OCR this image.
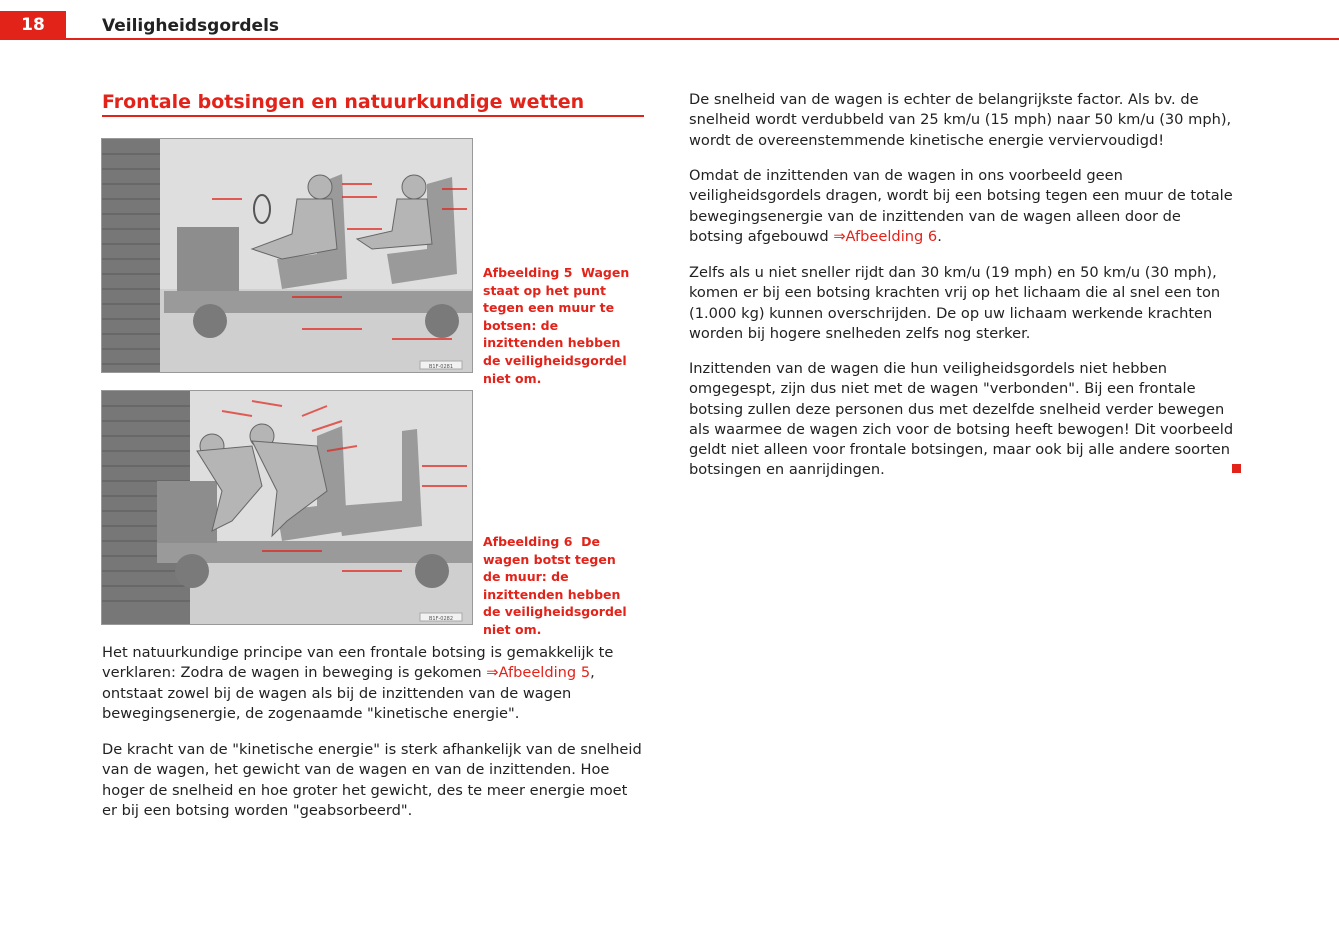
18	Veiligheidsgordels
Frontale botsingen en natuurkundige wetten
B1F-0281
Afbeelding 5 Wagen staat op het punt tegen een muur te botsen: de inzittenden hebben de veiligheidsgordel niet om.
B1F-0282
Afbeelding 6 De wagen botst tegen de muur: de inzittenden hebben de veiligheidsgordel niet om.

Het natuurkundige principe van een frontale botsing is gemakkelijk te verklaren: Zodra de wagen in beweging is gekomen ⇒Afbeelding 5, ontstaat zowel bij de wagen als bij de inzittenden van de wagen bewegingsenergie, de zogenaamde "kinetische energie".

De kracht van de "kinetische energie" is sterk afhankelijk van de snelheid van de wagen, het gewicht van de wagen en van de inzittenden. Hoe hoger de snelheid en hoe groter het gewicht, des te meer energie moet er bij een botsing worden "geabsorbeerd".

De snelheid van de wagen is echter de belangrijkste factor. Als bv. de snelheid wordt verdubbeld van 25 km/u (15 mph) naar 50 km/u (30 mph), wordt de overeenstemmende kinetische energie verviervoudigd!

Omdat de inzittenden van de wagen in ons voorbeeld geen veiligheidsgordels dragen, wordt bij een botsing tegen een muur de totale bewegingsenergie van de inzittenden van de wagen alleen door de botsing afgebouwd ⇒Afbeelding 6.

Zelfs als u niet sneller rijdt dan 30 km/u (19 mph) en 50 km/u (30 mph), komen er bij een botsing krachten vrij op het lichaam die al snel een ton (1.000 kg) kunnen overschrijden. De op uw lichaam werkende krachten worden bij hogere snelheden zelfs nog sterker.

Inzittenden van de wagen die hun veiligheidsgordels niet hebben omgegespt, zijn dus niet met de wagen "verbonden". Bij een frontale botsing zullen deze personen dus met dezelfde snelheid verder bewegen als waarmee de wagen zich voor de botsing heeft bewogen! Dit voorbeeld geldt niet alleen voor frontale botsingen, maar ook bij alle andere soorten botsingen en aanrijdingen.
